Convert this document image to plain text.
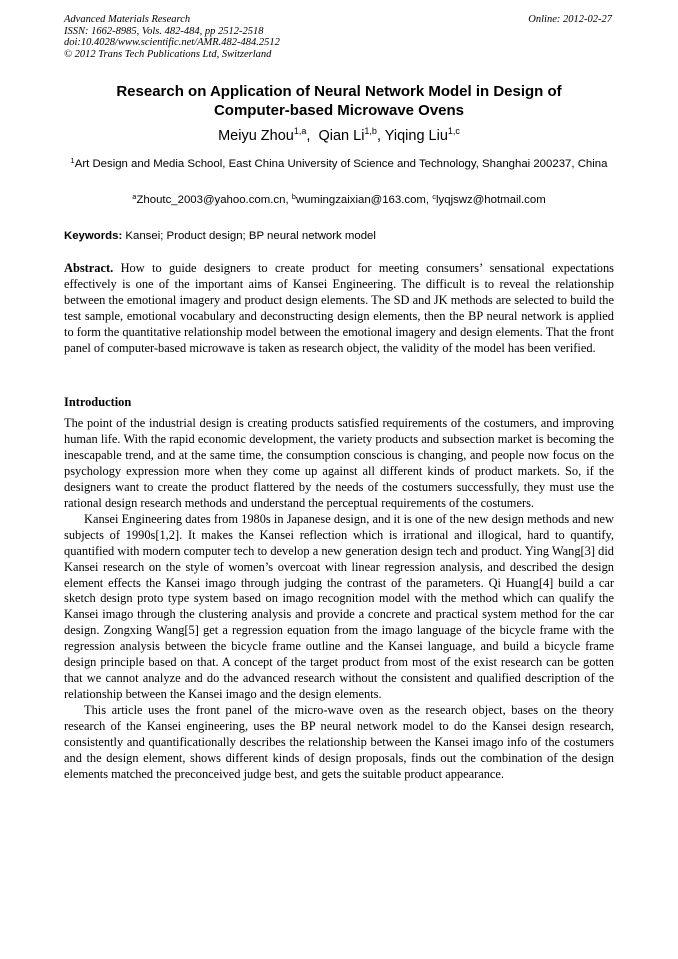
Advanced Materials Research
ISSN: 1662-8985, Vols. 482-484, pp 2512-2518
doi:10.4028/www.scientific.net/AMR.482-484.2512
© 2012 Trans Tech Publications Ltd, Switzerland
Online: 2012-02-27
Research on Application of Neural Network Model in Design of
Computer-based Microwave Ovens
Meiyu Zhou$^{1,a}$,  Qian Li$^{1,b}$, Yiqing Liu$^{1,c}$
$^1$Art Design and Media School, East China University of Science and Technology, Shanghai 200237, China
$^a$Zhoutc_2003@yahoo.com.cn, $^b$wumingzaixian@163.com, $^c$lyqjswz@hotmail.com
Keywords: Kansei; Product design; BP neural network model

Abstract. How to guide designers to create product for meeting consumers’ sensational expectations effectively is one of the important aims of Kansei Engineering. The difficult is to reveal the relationship between the emotional imagery and product design elements. The SD and JK methods are selected to build the test sample, emotional vocabulary and deconstructing design elements, then the BP neural network is applied to form the quantitative relationship model between the emotional imagery and design elements. That the front panel of computer-based microwave is taken as research object, the validity of the model has been verified.

Introduction

The point of the industrial design is creating products satisfied requirements of the costumers, and improving human life. With the rapid economic development, the variety products and subsection market is becoming the inescapable trend, and at the same time, the consumption conscious is changing, and people now focus on the psychology expression more when they come up against all different kinds of product markets. So, if the designers want to create the product flattered by the needs of the costumers successfully, they must use the rational design research methods and understand the perceptual requirements of the costumers.

Kansei Engineering dates from 1980s in Japanese design, and it is one of the new design methods and new subjects of 1990s[1,2]. It makes the Kansei reflection which is irrational and illogical, hard to quantify, quantified with modern computer tech to develop a new generation design tech and product. Ying Wang[3] did Kansei research on the style of women’s overcoat with linear regression analysis, and described the design element effects the Kansei imago through judging the contrast of the parameters. Qi Huang[4] build a car sketch design proto type system based on imago recognition model with the method which can qualify the Kansei imago through the clustering analysis and provide a concrete and practical system method for the car design. Zongxing Wang[5] get a regression equation from the imago language of the bicycle frame with the regression analysis between the bicycle frame outline and the Kansei language, and build a bicycle frame design principle based on that. A concept of the target product from most of the exist research can be gotten that we cannot analyze and do the advanced research without the consistent and qualified description of the relationship between the Kansei imago and the design elements.

This article uses the front panel of the micro-wave oven as the research object, bases on the theory research of the Kansei engineering, uses the BP neural network model to do the Kansei design research, consistently and quantificationally describes the relationship between the Kansei imago info of the costumers and the design element, shows different kinds of design proposals, finds out the combination of the design elements matched the preconceived judge best, and gets the suitable product appearance.
